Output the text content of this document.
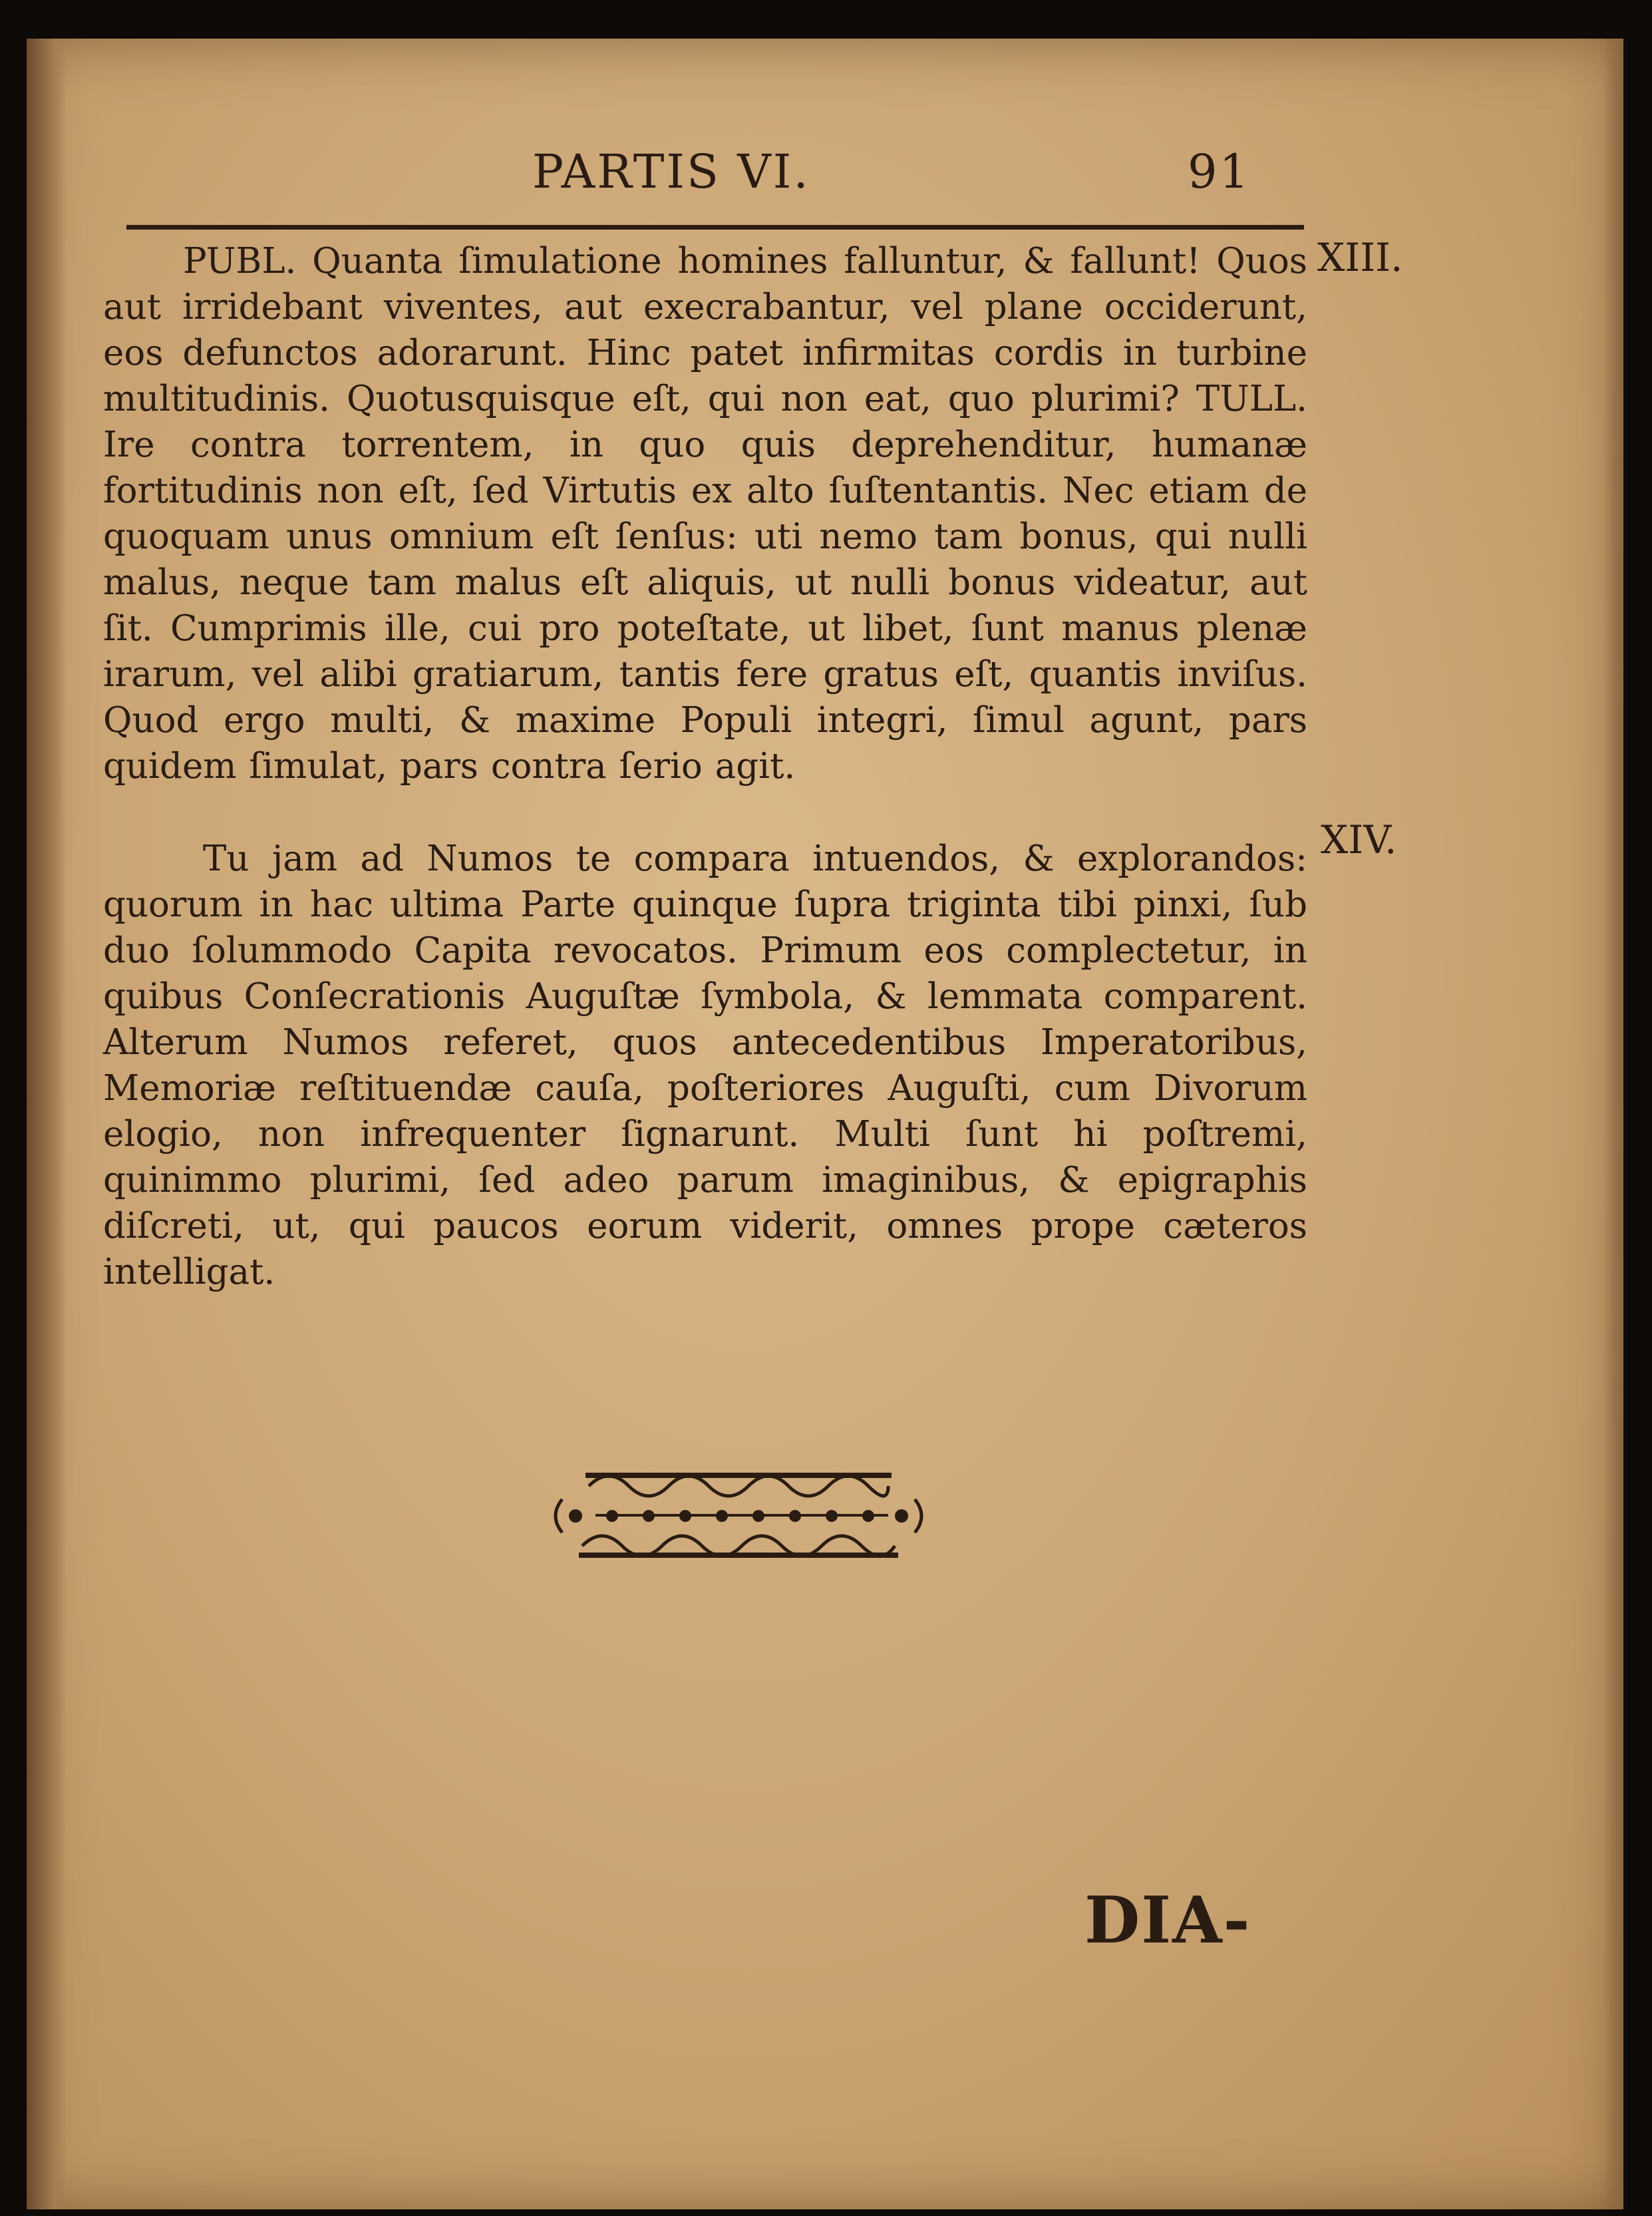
PARTIS VI.	91
XIII.
PUBL. Quanta ſimulatione homines falluntur, & fallunt! Quos aut irridebant viventes, aut execrabantur, vel plane occiderunt, eos defunctos adorarunt. Hinc patet infirmitas cordis in turbine multitudinis. Quotusquisque eſt, qui non eat, quo plurimi? TULL. Ire contra torrentem, in quo quis deprehenditur, humanæ fortitudinis non eſt, ſed Virtutis ex alto ſuſtentantis. Nec etiam de quoquam unus omnium eſt ſenſus: uti nemo tam bonus, qui nulli malus, neque tam malus eſt aliquis, ut nulli bonus videatur, aut ſit. Cumprimis ille, cui pro poteſtate, ut libet, ſunt manus plenæ irarum, vel alibi gratiarum, tantis fere gratus eſt, quantis inviſus. Quod ergo multi, & maxime Populi integri, ſimul agunt, pars quidem ſimulat, pars contra ſerio agit.
XIV.
Tu jam ad Numos te compara intuendos, & explorandos: quorum in hac ultima Parte quinque ſupra triginta tibi pinxi, ſub duo ſolummodo Capita revocatos. Primum eos complectetur, in quibus Conſecrationis Auguſtæ ſymbola, & lemmata comparent. Alterum Numos referet, quos antecedentibus Imperatoribus, Memoriæ reſtituendæ cauſa, poſteriores Auguſti, cum Divorum elogio, non infrequenter ſignarunt. Multi ſunt hi poſtremi, quinimmo plurimi, ſed adeo parum imaginibus, & epigraphis diſcreti, ut, qui paucos eorum viderit, omnes prope cæteros intelligat.
DIA-
